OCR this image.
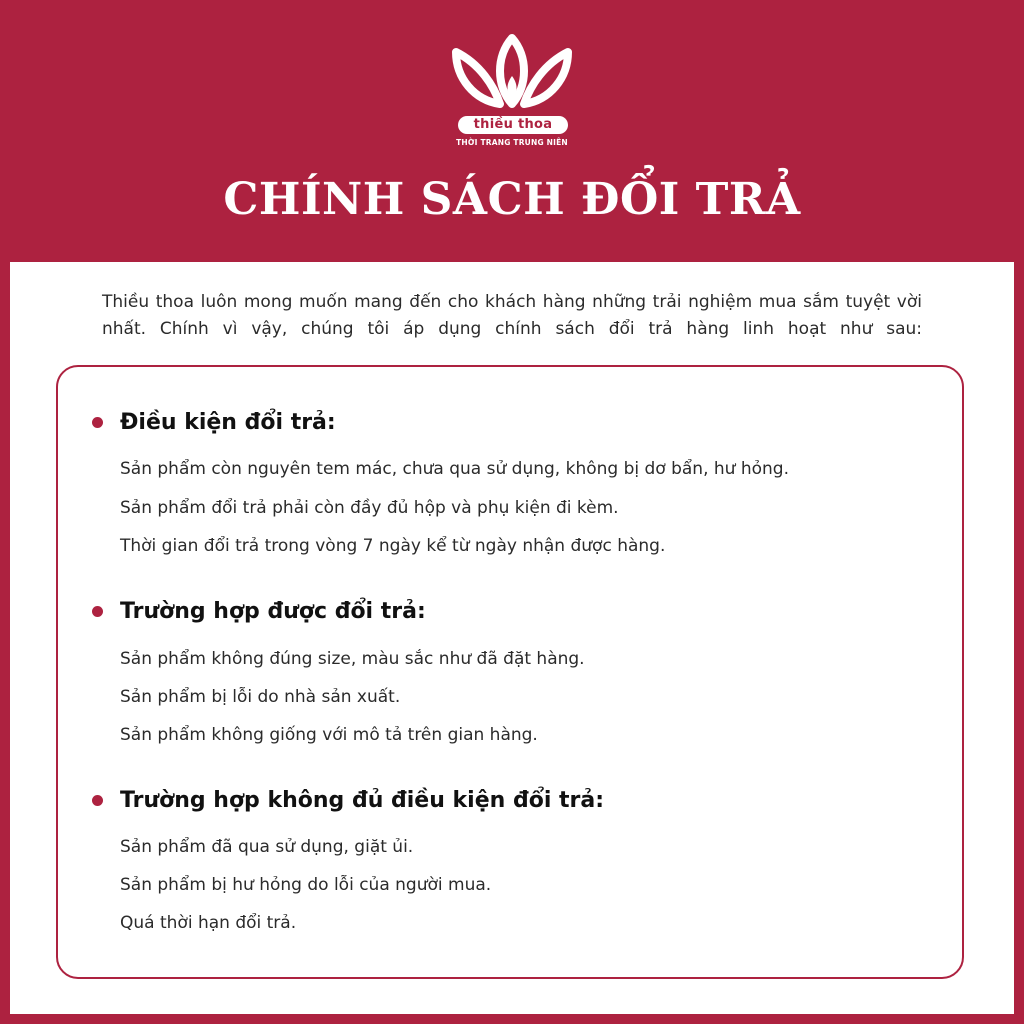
thiều thoa
THỜI TRANG TRUNG NIÊN
CHÍNH SÁCH ĐỔI TRẢ
Thiều thoa luôn mong muốn mang đến cho khách hàng những trải nghiệm mua sắm tuyệt vời nhất. Chính vì vậy, chúng tôi áp dụng chính sách đổi trả hàng linh hoạt như sau:
Điều kiện đổi trả:
Sản phẩm còn nguyên tem mác, chưa qua sử dụng, không bị dơ bẩn, hư hỏng.
Sản phẩm đổi trả phải còn đầy đủ hộp và phụ kiện đi kèm.
Thời gian đổi trả trong vòng 7 ngày kể từ ngày nhận được hàng.
Trường hợp được đổi trả:
Sản phẩm không đúng size, màu sắc như đã đặt hàng.
Sản phẩm bị lỗi do nhà sản xuất.
Sản phẩm không giống với mô tả trên gian hàng.
Trường hợp không đủ điều kiện đổi trả:
Sản phẩm đã qua sử dụng, giặt ủi.
Sản phẩm bị hư hỏng do lỗi của người mua.
Quá thời hạn đổi trả.
